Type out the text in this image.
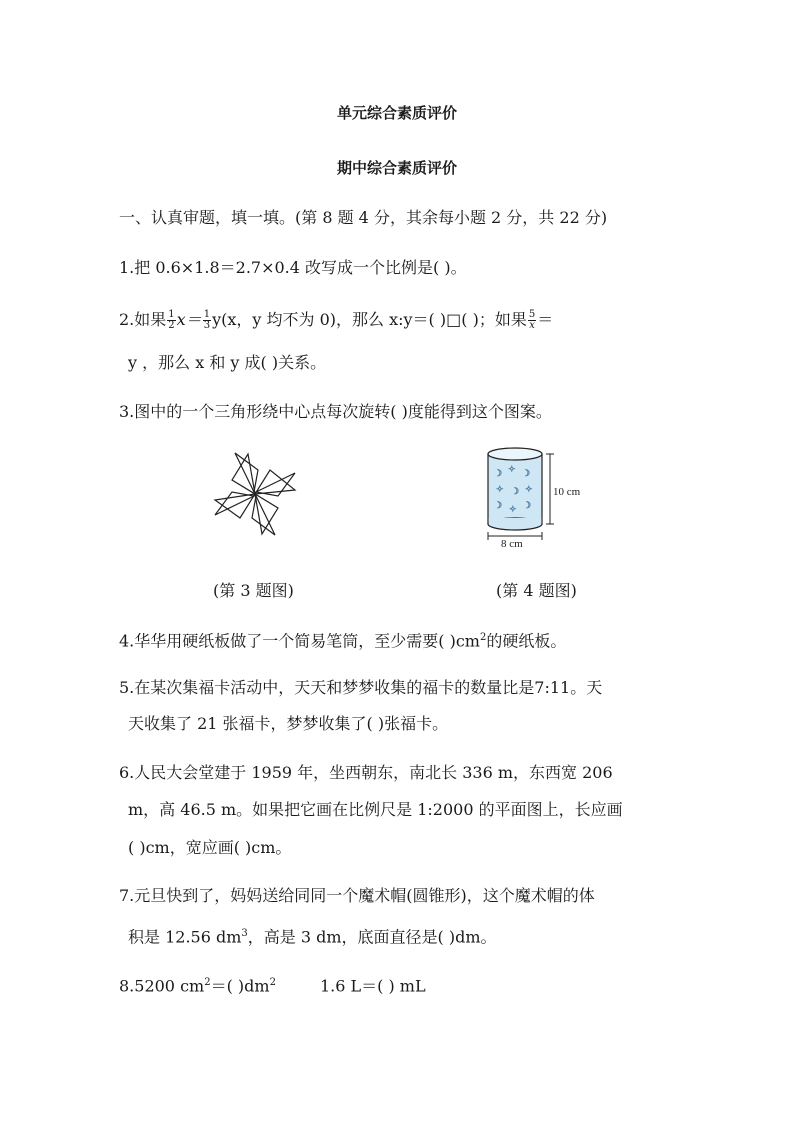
单元综合素质评价
期中综合素质评价
一、认真审题，填一填。(第 8 题 4 分，其余每小题 2 分，共 22 分)
1.把 0.6×1.8＝2.7×0.4 改写成一个比例是( )。
2.如果 $\frac{1}{2} x= \frac{1}{3} y(x$，y 均不为 0)，那么 x:y＝( )□( )；如果 $\frac{5}{x}$ ＝
y ，那么 x 和 y 成( )关系。
3.图中的一个三角形绕中心点每次旋转( )度能得到这个图案。
☽ ✧ ☽
✧ ☽ ✧
☽ ✧ ☽
10 cm
8 cm
(第 3 题图)	(第 4 题图)
4.华华用硬纸板做了一个简易笔筒，至少需要( )$cm^2$的硬纸板。
5.在某次集福卡活动中，天天和梦梦收集的福卡的数量比是7:11。天
天收集了 21 张福卡，梦梦收集了( )张福卡。
6.人民大会堂建于 1959 年，坐西朝东，南北长 336 m，东西宽 206
m，高 46.5 m。如果把它画在比例尺是 1:2000 的平面图上，长应画
( )cm，宽应画( )cm。
7.元旦快到了，妈妈送给同同一个魔术帽(圆锥形)，这个魔术帽的体
积是 12.56 $dm^3$，高是 3 dm，底面直径是( )dm。
8.5200 $cm^2=$( )$dm^2$	1.6 L＝( ) mL
